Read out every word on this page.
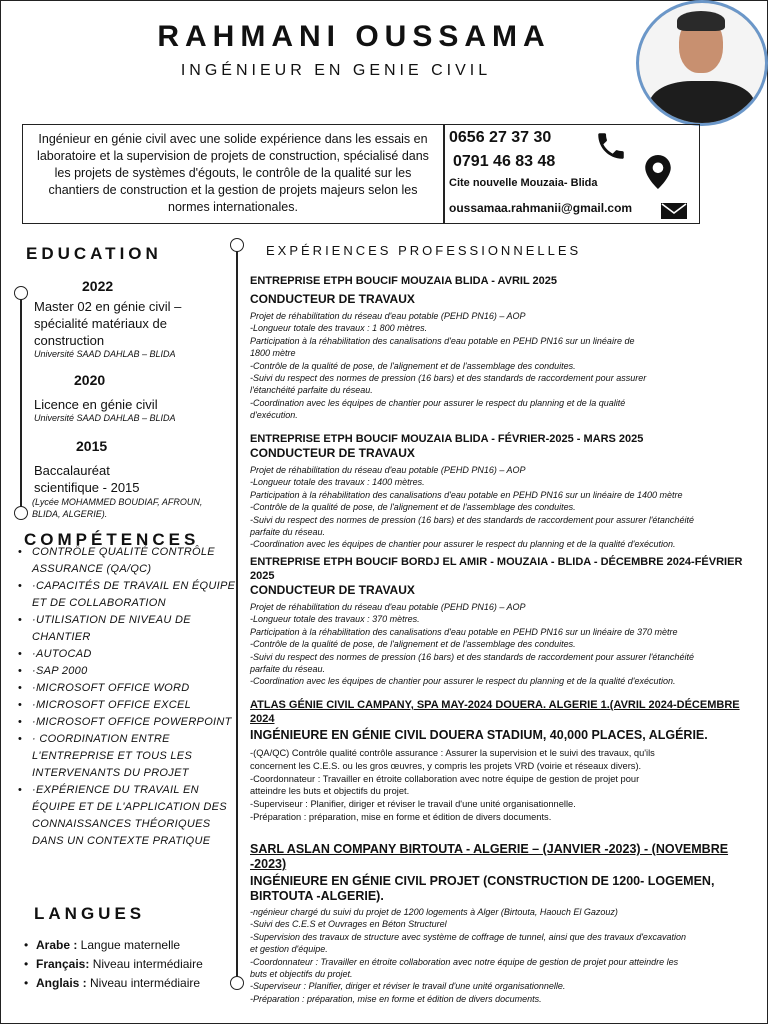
RAHMANI OUSSAMA
INGÉNIEUR EN GENIE CIVIL
Ingénieur en génie civil avec une solide expérience dans les essais en laboratoire et la supervision de projets de construction, spécialisé dans les projets de systèmes d'égouts, le contrôle de la qualité sur les chantiers de construction et la gestion de projets majeurs selon les normes internationales.
0656 27 37 30
0791 46 83 48
Cite nouvelle Mouzaia- Blida
oussamaa.rahmanii@gmail.com
EDUCATION
2022
Master 02 en génie civil – spécialité matériaux de construction
Université SAAD DAHLAB – BLIDA
2020
Licence en génie civil
Université SAAD DAHLAB – BLIDA
2015
Baccalauréat scientifique - 2015
(Lycée MOHAMMED BOUDIAF, AFROUN, BLIDA, ALGERIE).
COMPÉTENCES
• CONTRÔLE QUALITÉ CONTRÔLE ASSURANCE (QA/QC)
• ·CAPACITÉS DE TRAVAIL EN ÉQUIPE ET DE COLLABORATION
• ·UTILISATION DE NIVEAU DE CHANTIER
• ·AUTOCAD
• ·SAP 2000
• ·MICROSOFT OFFICE WORD
• ·MICROSOFT OFFICE EXCEL
• ·MICROSOFT OFFICE POWERPOINT
• · COORDINATION ENTRE L'ENTREPRISE ET TOUS LES INTERVENANTS DU PROJET
• ·EXPÉRIENCE DU TRAVAIL EN ÉQUIPE ET DE L'APPLICATION DES CONNAISSANCES THÉORIQUES DANS UN CONTEXTE PRATIQUE
LANGUES
• Arabe : Langue maternelle
• Français: Niveau intermédiaire
• Anglais : Niveau intermédiaire
EXPÉRIENCES PROFESSIONNELLES
ENTREPRISE ETPH BOUCIF MOUZAIA BLIDA - AVRIL 2025
CONDUCTEUR DE TRAVAUX

Projet de réhabilitation du réseau d'eau potable (PEHD PN16) – AOP
-Longueur totale des travaux : 1 800 mètres.
Participation à la réhabilitation des canalisations d'eau potable en PEHD PN16 sur un linéaire de
1800 mètre
-Contrôle de la qualité de pose, de l'alignement et de l'assemblage des conduites.
-Suivi du respect des normes de pression (16 bars) et des standards de raccordement pour assurer
l'étanchéité parfaite du réseau.
-Coordination avec les équipes de chantier pour assurer le respect du planning et de la qualité
d'exécution.

ENTREPRISE ETPH BOUCIF MOUZAIA BLIDA - FÉVRIER-2025 - MARS 2025
CONDUCTEUR DE TRAVAUX

Projet de réhabilitation du réseau d'eau potable (PEHD PN16) – AOP
-Longueur totale des travaux : 1400 mètres.
Participation à la réhabilitation des canalisations d'eau potable en PEHD PN16 sur un linéaire de 1400 mètre
-Contrôle de la qualité de pose, de l'alignement et de l'assemblage des conduites.
-Suivi du respect des normes de pression (16 bars) et des standards de raccordement pour assurer l'étanchéité
parfaite du réseau.
-Coordination avec les équipes de chantier pour assurer le respect du planning et de la qualité d'exécution.

ENTREPRISE ETPH BOUCIF BORDJ EL AMIR - MOUZAIA - BLIDA - DÉCEMBRE 2024-FÉVRIER 2025
CONDUCTEUR DE TRAVAUX

Projet de réhabilitation du réseau d'eau potable (PEHD PN16) – AOP
-Longueur totale des travaux : 370 mètres.
Participation à la réhabilitation des canalisations d'eau potable en PEHD PN16 sur un linéaire de 370 mètre
-Contrôle de la qualité de pose, de l'alignement et de l'assemblage des conduites.
-Suivi du respect des normes de pression (16 bars) et des standards de raccordement pour assurer l'étanchéité
parfaite du réseau.
-Coordination avec les équipes de chantier pour assurer le respect du planning et de la qualité d'exécution.

ATLAS GÉNIE CIVIL CAMPANY, SPA MAY-2024 DOUERA. ALGERIE 1.(AVRIL 2024-DÉCEMBRE 2024
INGÉNIEURE EN GÉNIE CIVIL DOUERA STADIUM, 40,000 PLACES, ALGÉRIE.

-(QA/QC) Contrôle qualité contrôle assurance : Assurer la supervision et le suivi des travaux, qu'ils
concernent les C.E.S. ou les gros œuvres, y compris les projets VRD (voirie et réseaux divers).
-Coordonnateur : Travailler en étroite collaboration avec notre équipe de gestion de projet pour
atteindre les buts et objectifs du projet.
-Superviseur : Planifier, diriger et réviser le travail d'une unité organisationnelle.
-Préparation : préparation, mise en forme et édition de divers documents.

SARL ASLAN COMPANY BIRTOUTA - ALGERIE – (JANVIER -2023) - (NOVEMBRE -2023)
INGÉNIEURE EN GÉNIE CIVIL PROJET (CONSTRUCTION DE 1200- LOGEMEN, BIRTOUTA -ALGERIE).

-ngénieur chargé du suivi du projet de 1200 logements à Alger (Birtouta, Haouch El Gazouz)
-Suivi des C.E.S et Ouvrages en Béton Structurel
-Supervision des travaux de structure avec système de coffrage de tunnel, ainsi que des travaux d'excavation
et gestion d'équipe.
-Coordonnateur : Travailler en étroite collaboration avec notre équipe de gestion de projet pour atteindre les
buts et objectifs du projet.
-Superviseur : Planifier, diriger et réviser le travail d'une unité organisationnelle.
-Préparation : préparation, mise en forme et édition de divers documents.
